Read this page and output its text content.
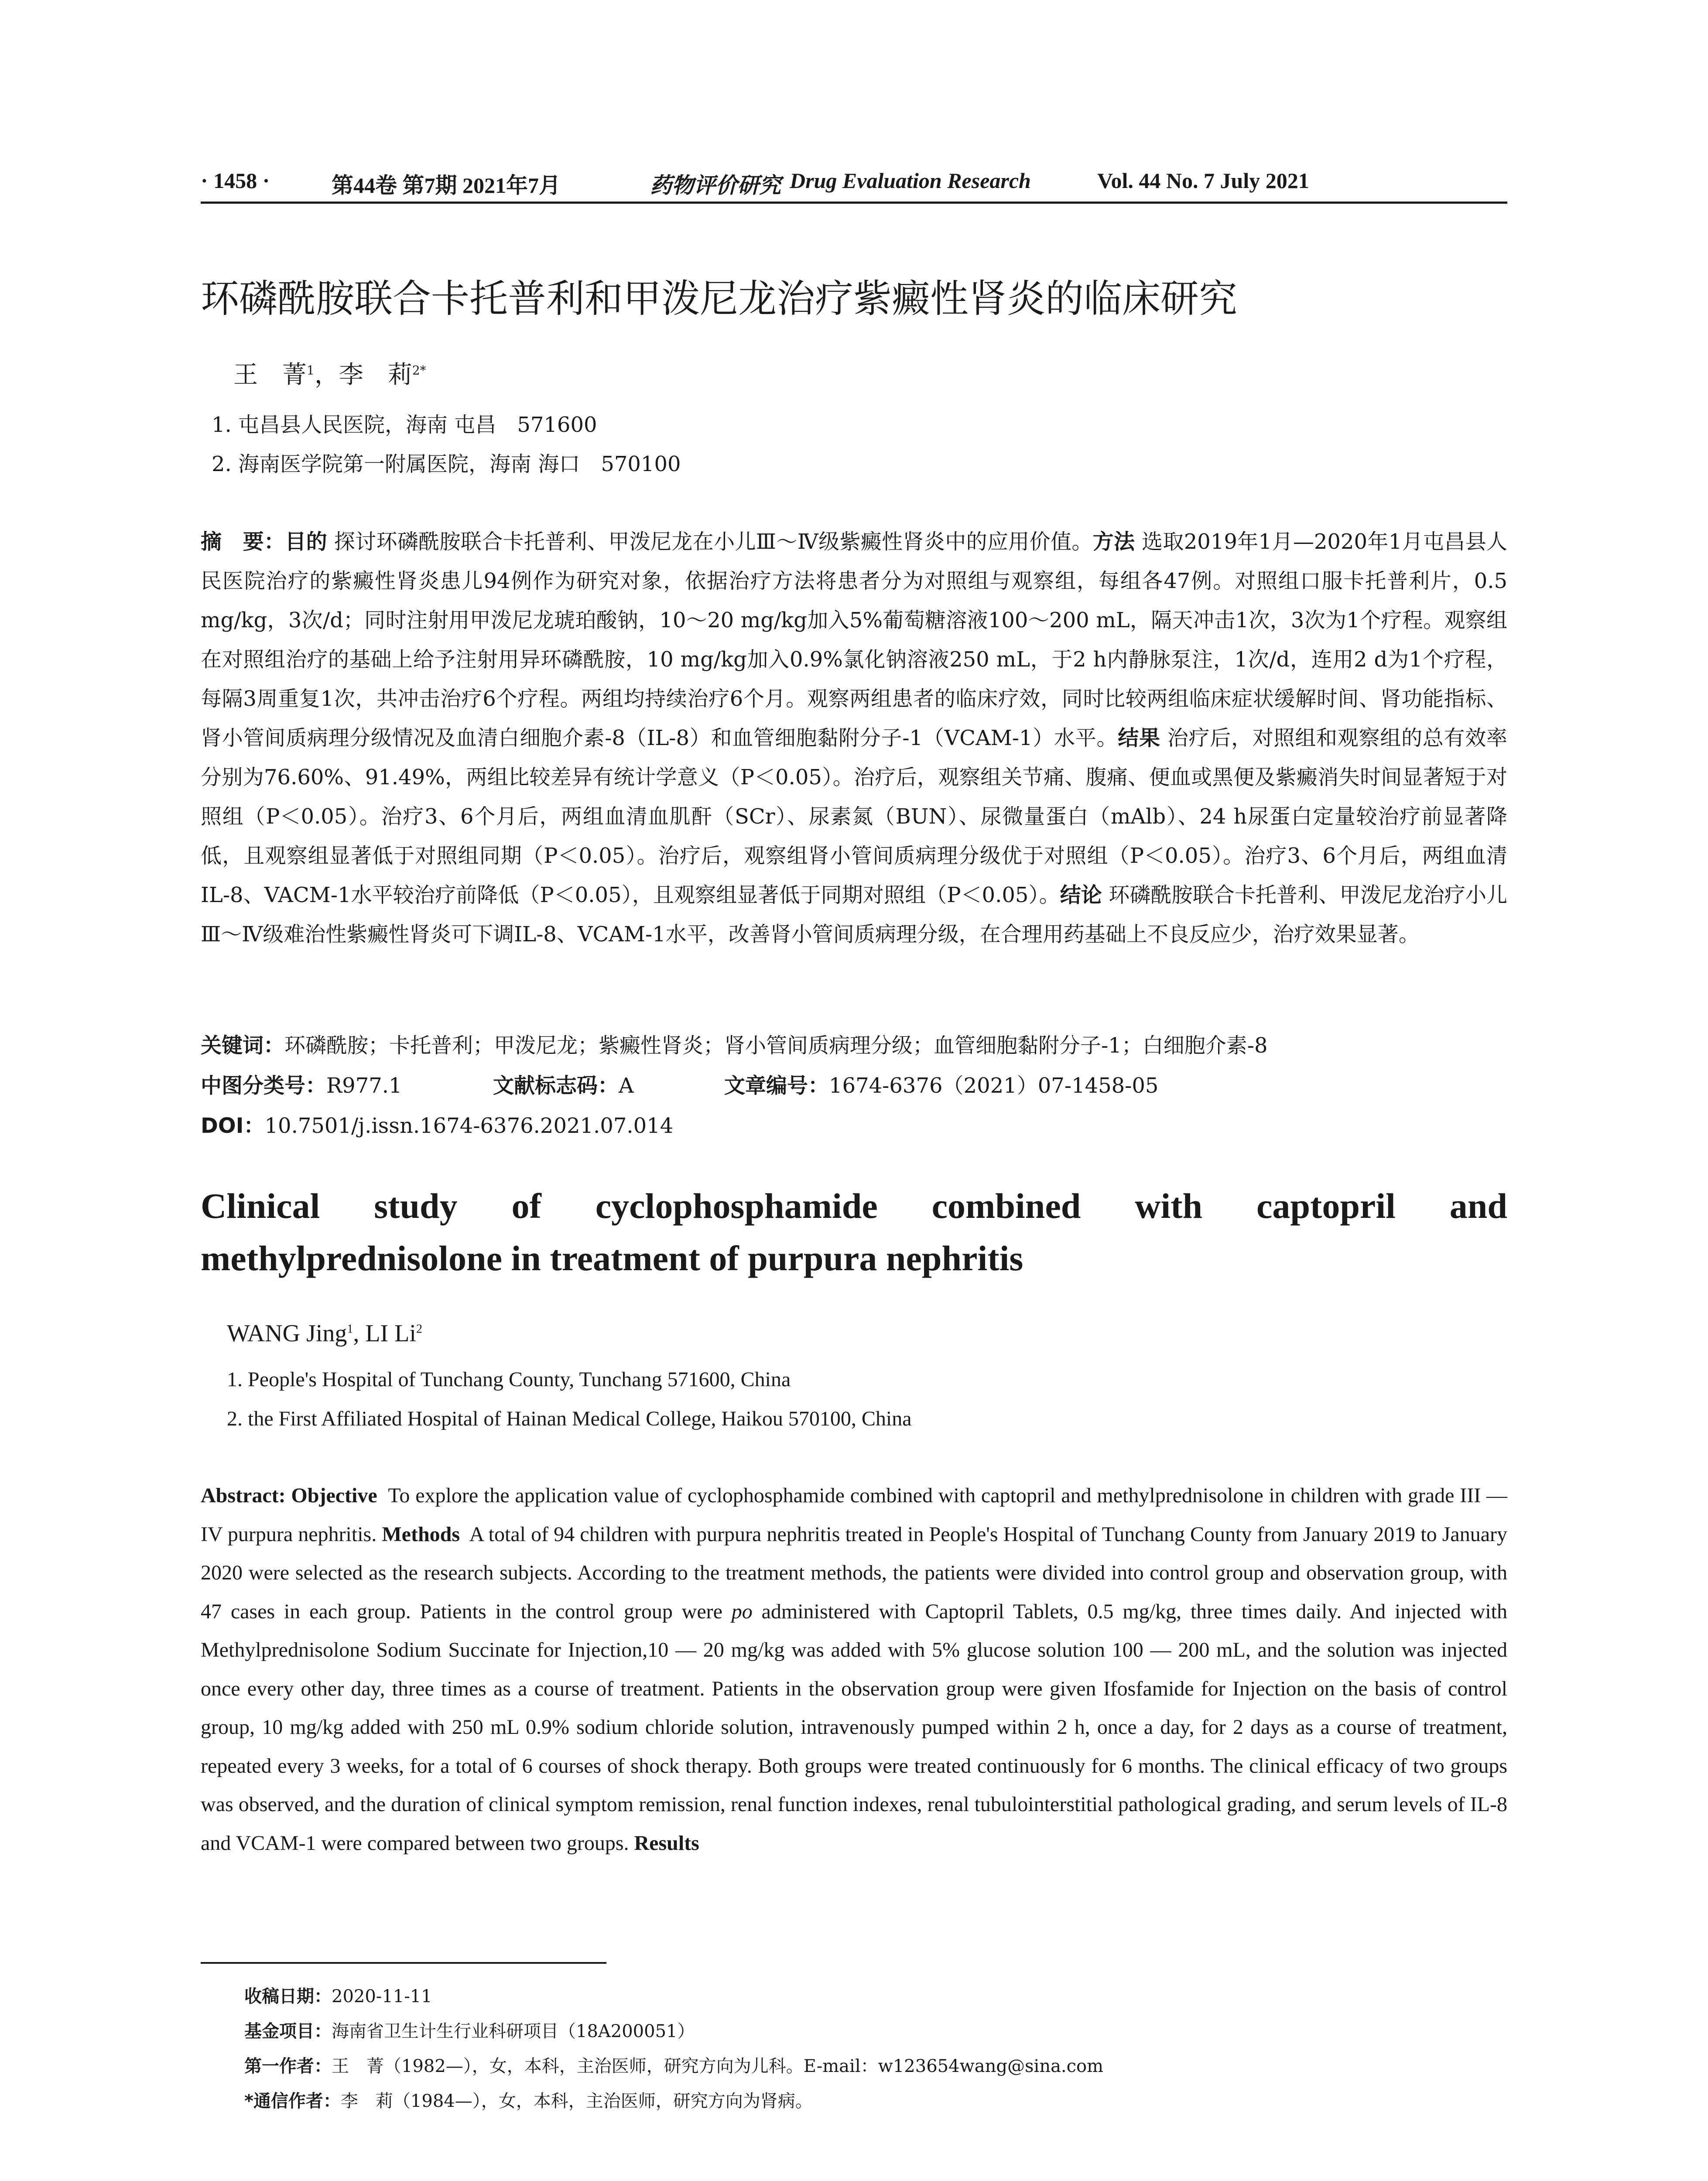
· 1458 ·	第44卷 第7期 2021年7月	药物评价研究 Drug Evaluation Research	Vol. 44 No. 7 July 2021
环磷酰胺联合卡托普利和甲泼尼龙治疗紫癜性肾炎的临床研究
王　菁$^1$，李　莉$^{2*}$
1. 屯昌县人民医院，海南 屯昌　571600
2. 海南医学院第一附属医院，海南 海口　570100
摘　要：目的 探讨环磷酰胺联合卡托普利、甲泼尼龙在小儿Ⅲ～Ⅳ级紫癜性肾炎中的应用价值。方法 选取2019年1月—2020年1月屯昌县人民医院治疗的紫癜性肾炎患儿94例作为研究对象，依据治疗方法将患者分为对照组与观察组，每组各47例。对照组口服卡托普利片，0.5 mg/kg，3次/d；同时注射用甲泼尼龙琥珀酸钠，10～20 mg/kg加入5%葡萄糖溶液100～200 mL，隔天冲击1次，3次为1个疗程。观察组在对照组治疗的基础上给予注射用异环磷酰胺，10 mg/kg加入0.9%氯化钠溶液250 mL，于2 h内静脉泵注，1次/d，连用2 d为1个疗程，每隔3周重复1次，共冲击治疗6个疗程。两组均持续治疗6个月。观察两组患者的临床疗效，同时比较两组临床症状缓解时间、肾功能指标、肾小管间质病理分级情况及血清白细胞介素-8（IL-8）和血管细胞黏附分子-1（VCAM-1）水平。结果 治疗后，对照组和观察组的总有效率分别为76.60%、91.49%，两组比较差异有统计学意义（P＜0.05）。治疗后，观察组关节痛、腹痛、便血或黑便及紫癜消失时间显著短于对照组（P＜0.05）。治疗3、6个月后，两组血清血肌酐（SCr）、尿素氮（BUN）、尿微量蛋白（mAlb）、24 h尿蛋白定量较治疗前显著降低，且观察组显著低于对照组同期（P＜0.05）。治疗后，观察组肾小管间质病理分级优于对照组（P＜0.05）。治疗3、6个月后，两组血清IL-8、VACM-1水平较治疗前降低（P＜0.05），且观察组显著低于同期对照组（P＜0.05）。结论 环磷酰胺联合卡托普利、甲泼尼龙治疗小儿Ⅲ～Ⅳ级难治性紫癜性肾炎可下调IL-8、VCAM-1水平，改善肾小管间质病理分级，在合理用药基础上不良反应少，治疗效果显著。
关键词：环磷酰胺；卡托普利；甲泼尼龙；紫癜性肾炎；肾小管间质病理分级；血管细胞黏附分子-1；白细胞介素-8
中图分类号：R977.1	文献标志码：A	文章编号：1674-6376（2021）07-1458-05
DOI：10.7501/j.issn.1674-6376.2021.07.014
Clinical study of cyclophosphamide combined with captopril and
methylprednisolone in treatment of purpura nephritis
WANG Jing$^1$, LI Li$^2$
1. People's Hospital of Tunchang County, Tunchang 571600, China
2. the First Affiliated Hospital of Hainan Medical College, Haikou 570100, China
Abstract: Objective To explore the application value of cyclophosphamide combined with captopril and methylprednisolone in children with grade III — IV purpura nephritis. Methods A total of 94 children with purpura nephritis treated in People's Hospital of Tunchang County from January 2019 to January 2020 were selected as the research subjects. According to the treatment methods, the patients were divided into control group and observation group, with 47 cases in each group. Patients in the control group were po administered with Captopril Tablets, 0.5 mg/kg, three times daily. And injected with Methylprednisolone Sodium Succinate for Injection,10 — 20 mg/kg was added with 5% glucose solution 100 — 200 mL, and the solution was injected once every other day, three times as a course of treatment. Patients in the observation group were given Ifosfamide for Injection on the basis of control group, 10 mg/kg added with 250 mL 0.9% sodium chloride solution, intravenously pumped within 2 h, once a day, for 2 days as a course of treatment, repeated every 3 weeks, for a total of 6 courses of shock therapy. Both groups were treated continuously for 6 months. The clinical efficacy of two groups was observed, and the duration of clinical symptom remission, renal function indexes, renal tubulointerstitial pathological grading, and serum levels of IL-8 and VCAM-1 were compared between two groups. Results
收稿日期：2020-11-11
基金项目：海南省卫生计生行业科研项目（18A200051）
第一作者：王　菁（1982—），女，本科，主治医师，研究方向为儿科。E-mail：w123654wang@sina.com
*通信作者：李　莉（1984—），女，本科，主治医师，研究方向为肾病。
